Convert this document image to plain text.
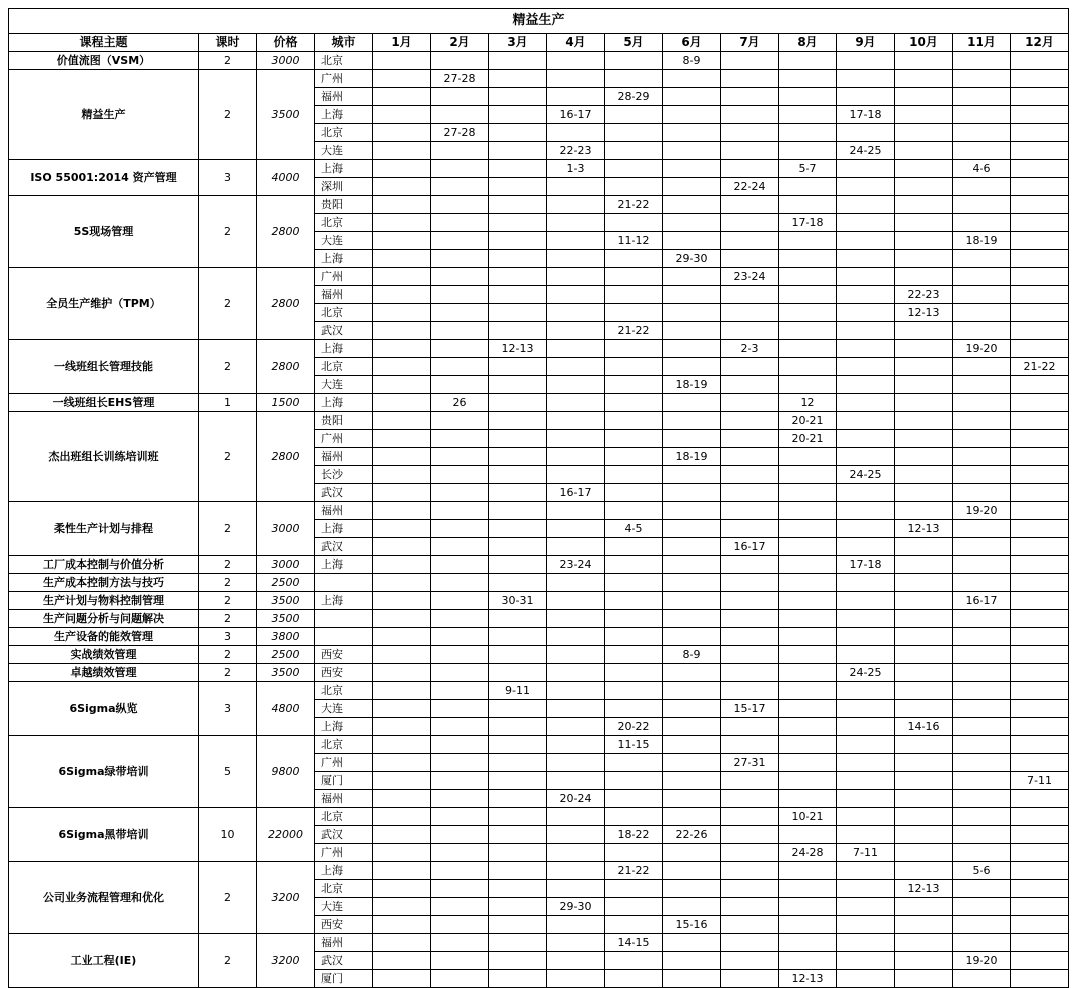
精益生产															
课程主题	课时	价格	城市	1月	2月	3月	4月	5月	6月	7月	8月	9月	10月	11月	12月
价值流图（VSM）	2	3000	北京						8-9						
精益生产	2	3500	广州		27-28										
			福州					28-29							
			上海				16-17					17-18			
			北京		27-28										
			大连				22-23					24-25			
ISO 55001:2014 资产管理	3	4000	上海				1-3				5-7			4-6	
			深圳							22-24					
5S现场管理	2	2800	贵阳					21-22							
			北京								17-18				
			大连					11-12						18-19	
			上海						29-30						
全员生产维护（TPM）	2	2800	广州							23-24					
			福州										22-23		
			北京										12-13		
			武汉					21-22							
一线班组长管理技能	2	2800	上海			12-13				2-3				19-20	
			北京												21-22
			大连						18-19						
一线班组长EHS管理	1	1500	上海		26						12				
杰出班组长训练培训班	2	2800	贵阳								20-21				
			广州								20-21				
			福州						18-19						
			长沙									24-25			
			武汉				16-17								
柔性生产计划与排程	2	3000	福州											19-20	
			上海					4-5					12-13		
			武汉							16-17					
工厂成本控制与价值分析	2	3000	上海				23-24					17-18			
生产成本控制方法与技巧	2	2500													
生产计划与物料控制管理	2	3500	上海			30-31								16-17	
生产问题分析与问题解决	2	3500													
生产设备的能效管理	3	3800													
实战绩效管理	2	2500	西安						8-9						
卓越绩效管理	2	3500	西安									24-25			
6Sigma纵览	3	4800	北京			9-11									
			大连							15-17					
			上海					20-22					14-16		
6Sigma绿带培训	5	9800	北京					11-15							
			广州							27-31					
			厦门												7-11
			福州				20-24								
6Sigma黑带培训	10	22000	北京								10-21				
			武汉					18-22	22-26						
			广州								24-28	7-11			
公司业务流程管理和优化	2	3200	上海					21-22						5-6	
			北京										12-13		
			大连				29-30								
			西安						15-16						
工业工程(IE)	2	3200	福州					14-15							
			武汉											19-20	
			厦门								12-13				
